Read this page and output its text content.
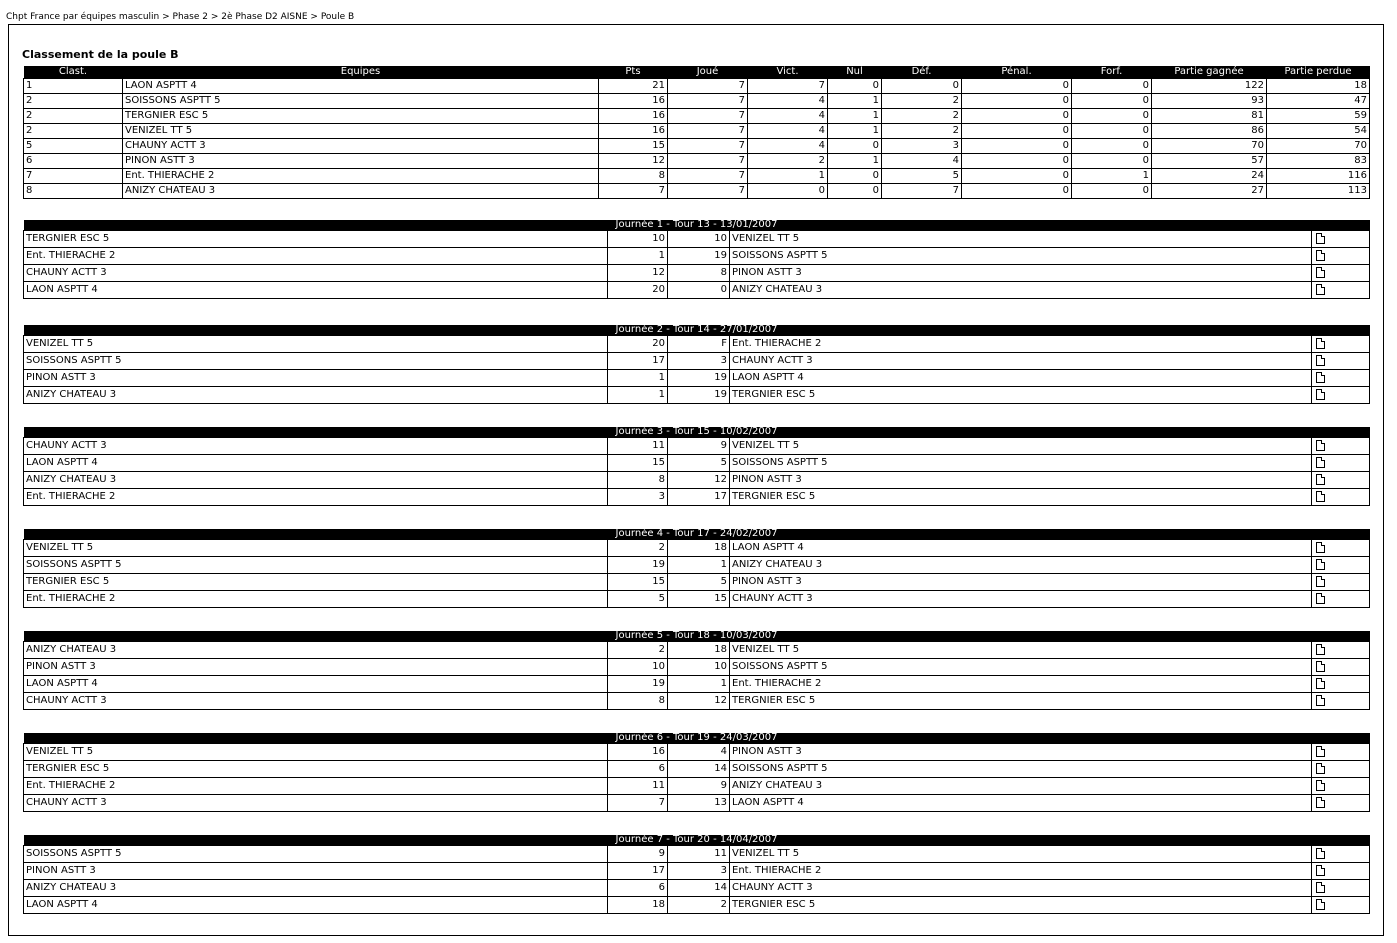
Chpt France par équipes masculin > Phase 2 > 2è Phase D2 AISNE > Poule B
Classement de la poule B
Clast.	Equipes	Pts	Joué	Vict.	Nul	Déf.	Pénal.	Forf.	Partie gagnée	Partie perdue
1	LAON ASPTT 4	21	7	7	0	0	0	0	122	18
2	SOISSONS ASPTT 5	16	7	4	1	2	0	0	93	47
2	TERGNIER ESC 5	16	7	4	1	2	0	0	81	59
2	VENIZEL TT 5	16	7	4	1	2	0	0	86	54
5	CHAUNY ACTT 3	15	7	4	0	3	0	0	70	70
6	PINON ASTT 3	12	7	2	1	4	0	0	57	83
7	Ent. THIERACHE 2	8	7	1	0	5	0	1	24	116
8	ANIZY CHATEAU 3	7	7	0	0	7	0	0	27	113
Journée 1 - Tour 13 - 13/01/2007				
TERGNIER ESC 5	10	10	VENIZEL TT 5	
Ent. THIERACHE 2	1	19	SOISSONS ASPTT 5	
CHAUNY ACTT 3	12	8	PINON ASTT 3	
LAON ASPTT 4	20	0	ANIZY CHATEAU 3	
Journée 2 - Tour 14 - 27/01/2007				
VENIZEL TT 5	20	F	Ent. THIERACHE 2	
SOISSONS ASPTT 5	17	3	CHAUNY ACTT 3	
PINON ASTT 3	1	19	LAON ASPTT 4	
ANIZY CHATEAU 3	1	19	TERGNIER ESC 5	
Journée 3 - Tour 15 - 10/02/2007				
CHAUNY ACTT 3	11	9	VENIZEL TT 5	
LAON ASPTT 4	15	5	SOISSONS ASPTT 5	
ANIZY CHATEAU 3	8	12	PINON ASTT 3	
Ent. THIERACHE 2	3	17	TERGNIER ESC 5	
Journée 4 - Tour 17 - 24/02/2007				
VENIZEL TT 5	2	18	LAON ASPTT 4	
SOISSONS ASPTT 5	19	1	ANIZY CHATEAU 3	
TERGNIER ESC 5	15	5	PINON ASTT 3	
Ent. THIERACHE 2	5	15	CHAUNY ACTT 3	
Journée 5 - Tour 18 - 10/03/2007				
ANIZY CHATEAU 3	2	18	VENIZEL TT 5	
PINON ASTT 3	10	10	SOISSONS ASPTT 5	
LAON ASPTT 4	19	1	Ent. THIERACHE 2	
CHAUNY ACTT 3	8	12	TERGNIER ESC 5	
Journée 6 - Tour 19 - 24/03/2007				
VENIZEL TT 5	16	4	PINON ASTT 3	
TERGNIER ESC 5	6	14	SOISSONS ASPTT 5	
Ent. THIERACHE 2	11	9	ANIZY CHATEAU 3	
CHAUNY ACTT 3	7	13	LAON ASPTT 4	
Journée 7 - Tour 20 - 14/04/2007				
SOISSONS ASPTT 5	9	11	VENIZEL TT 5	
PINON ASTT 3	17	3	Ent. THIERACHE 2	
ANIZY CHATEAU 3	6	14	CHAUNY ACTT 3	
LAON ASPTT 4	18	2	TERGNIER ESC 5	
